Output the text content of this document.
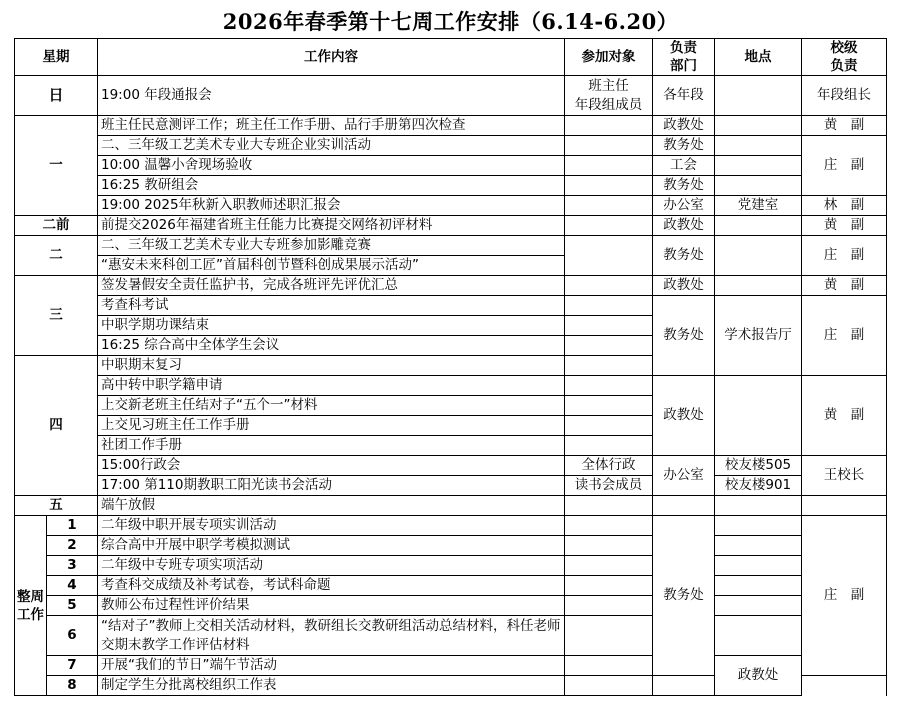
2026年春季第十七周工作安排（6.14-6.20）
星期		工作内容	参加对象	负责
部门	地点	校级
负责	
日		19:00 年段通报会	班主任
年段组成员	各年段		年段组长	
一		班主任民意测评工作；班主任工作手册、品行手册第四次检查		政教处		黄　副	
		二、三年级工艺美术专业大专班企业实训活动		教务处		庄　副	
		10:00 温馨小舍现场验收		工会			
		16:25 教研组会		教务处			
		19:00 2025年秋新入职教师述职汇报会		办公室	党建室	林　副	
二前		前提交2026年福建省班主任能力比赛提交网络初评材料		政教处		黄　副	
二		二、三年级工艺美术专业大专班参加影雕竞赛		教务处		庄　副	
		“惠安未来科创工匠”首届科创节暨科创成果展示活动”					
三		签发暑假安全责任监护书，完成各班评先评优汇总		政教处		黄　副	
		考查科考试		教务处	学术报告厅	庄　副	
		中职学期功课结束					
		16:25 综合高中全体学生会议					
四		中职期末复习					
		高中转中职学籍申请		政教处		黄　副	
		上交新老班主任结对子“五个一”材料					
		上交见习班主任工作手册					
		社团工作手册					
		15:00行政会	全体行政	办公室	校友楼505	王校长	
		17:00 第110期教职工阳光读书会活动	读书会成员		校友楼901		
五		端午放假					
整周
工作	1	二年级中职开展专项实训活动		教务处		庄　副	
	2	综合高中开展中职学考模拟测试					
	3	二年级中专班专项实项活动					
	4	考查科交成绩及补考试卷，考试科命题					
	5	教师公布过程性评价结果					
	6	“结对子”教师上交相关活动材料，教研组长交教研组活动总结材料，科任老师交期末教学工作评估材料					
	7	开展“我们的节日”端午节活动			政教处		
	8	制定学生分批离校组织工作表					
